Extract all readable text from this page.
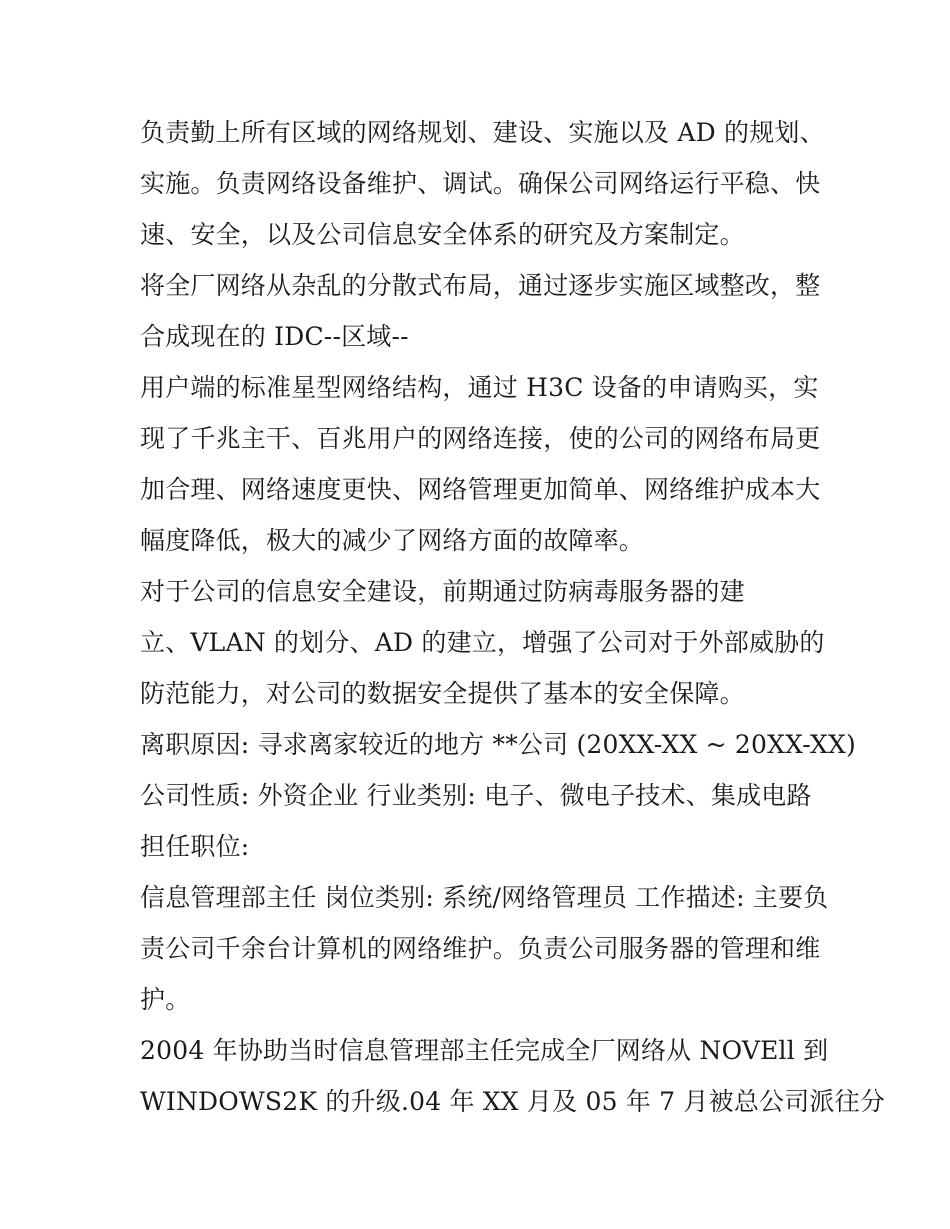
负责勤上所有区域的网络规划、建设、实施以及 AD 的规划、
实施。负责网络设备维护、调试。确保公司网络运行平稳、快
速、安全，以及公司信息安全体系的研究及方案制定。
将全厂网络从杂乱的分散式布局，通过逐步实施区域整改，整
合成现在的 IDC--区域--
用户端的标准星型网络结构，通过 H3C 设备的申请购买，实
现了千兆主干、百兆用户的网络连接，使的公司的网络布局更
加合理、网络速度更快、网络管理更加简单、网络维护成本大
幅度降低，极大的减少了网络方面的故障率。
对于公司的信息安全建设，前期通过防病毒服务器的建
立、VLAN 的划分、AD 的建立，增强了公司对于外部威胁的
防范能力，对公司的数据安全提供了基本的安全保障。
离职原因: 寻求离家较近的地方 **公司 (20XX-XX ~ 20XX-XX)
公司性质: 外资企业 行业类别: 电子、微电子技术、集成电路
担任职位:
信息管理部主任 岗位类别: 系统/网络管理员 工作描述: 主要负
责公司千余台计算机的网络维护。负责公司服务器的管理和维
护。
2004 年协助当时信息管理部主任完成全厂网络从 NOVEll 到
WINDOWS2K 的升级.04 年 XX 月及 05 年 7 月被总公司派往分
